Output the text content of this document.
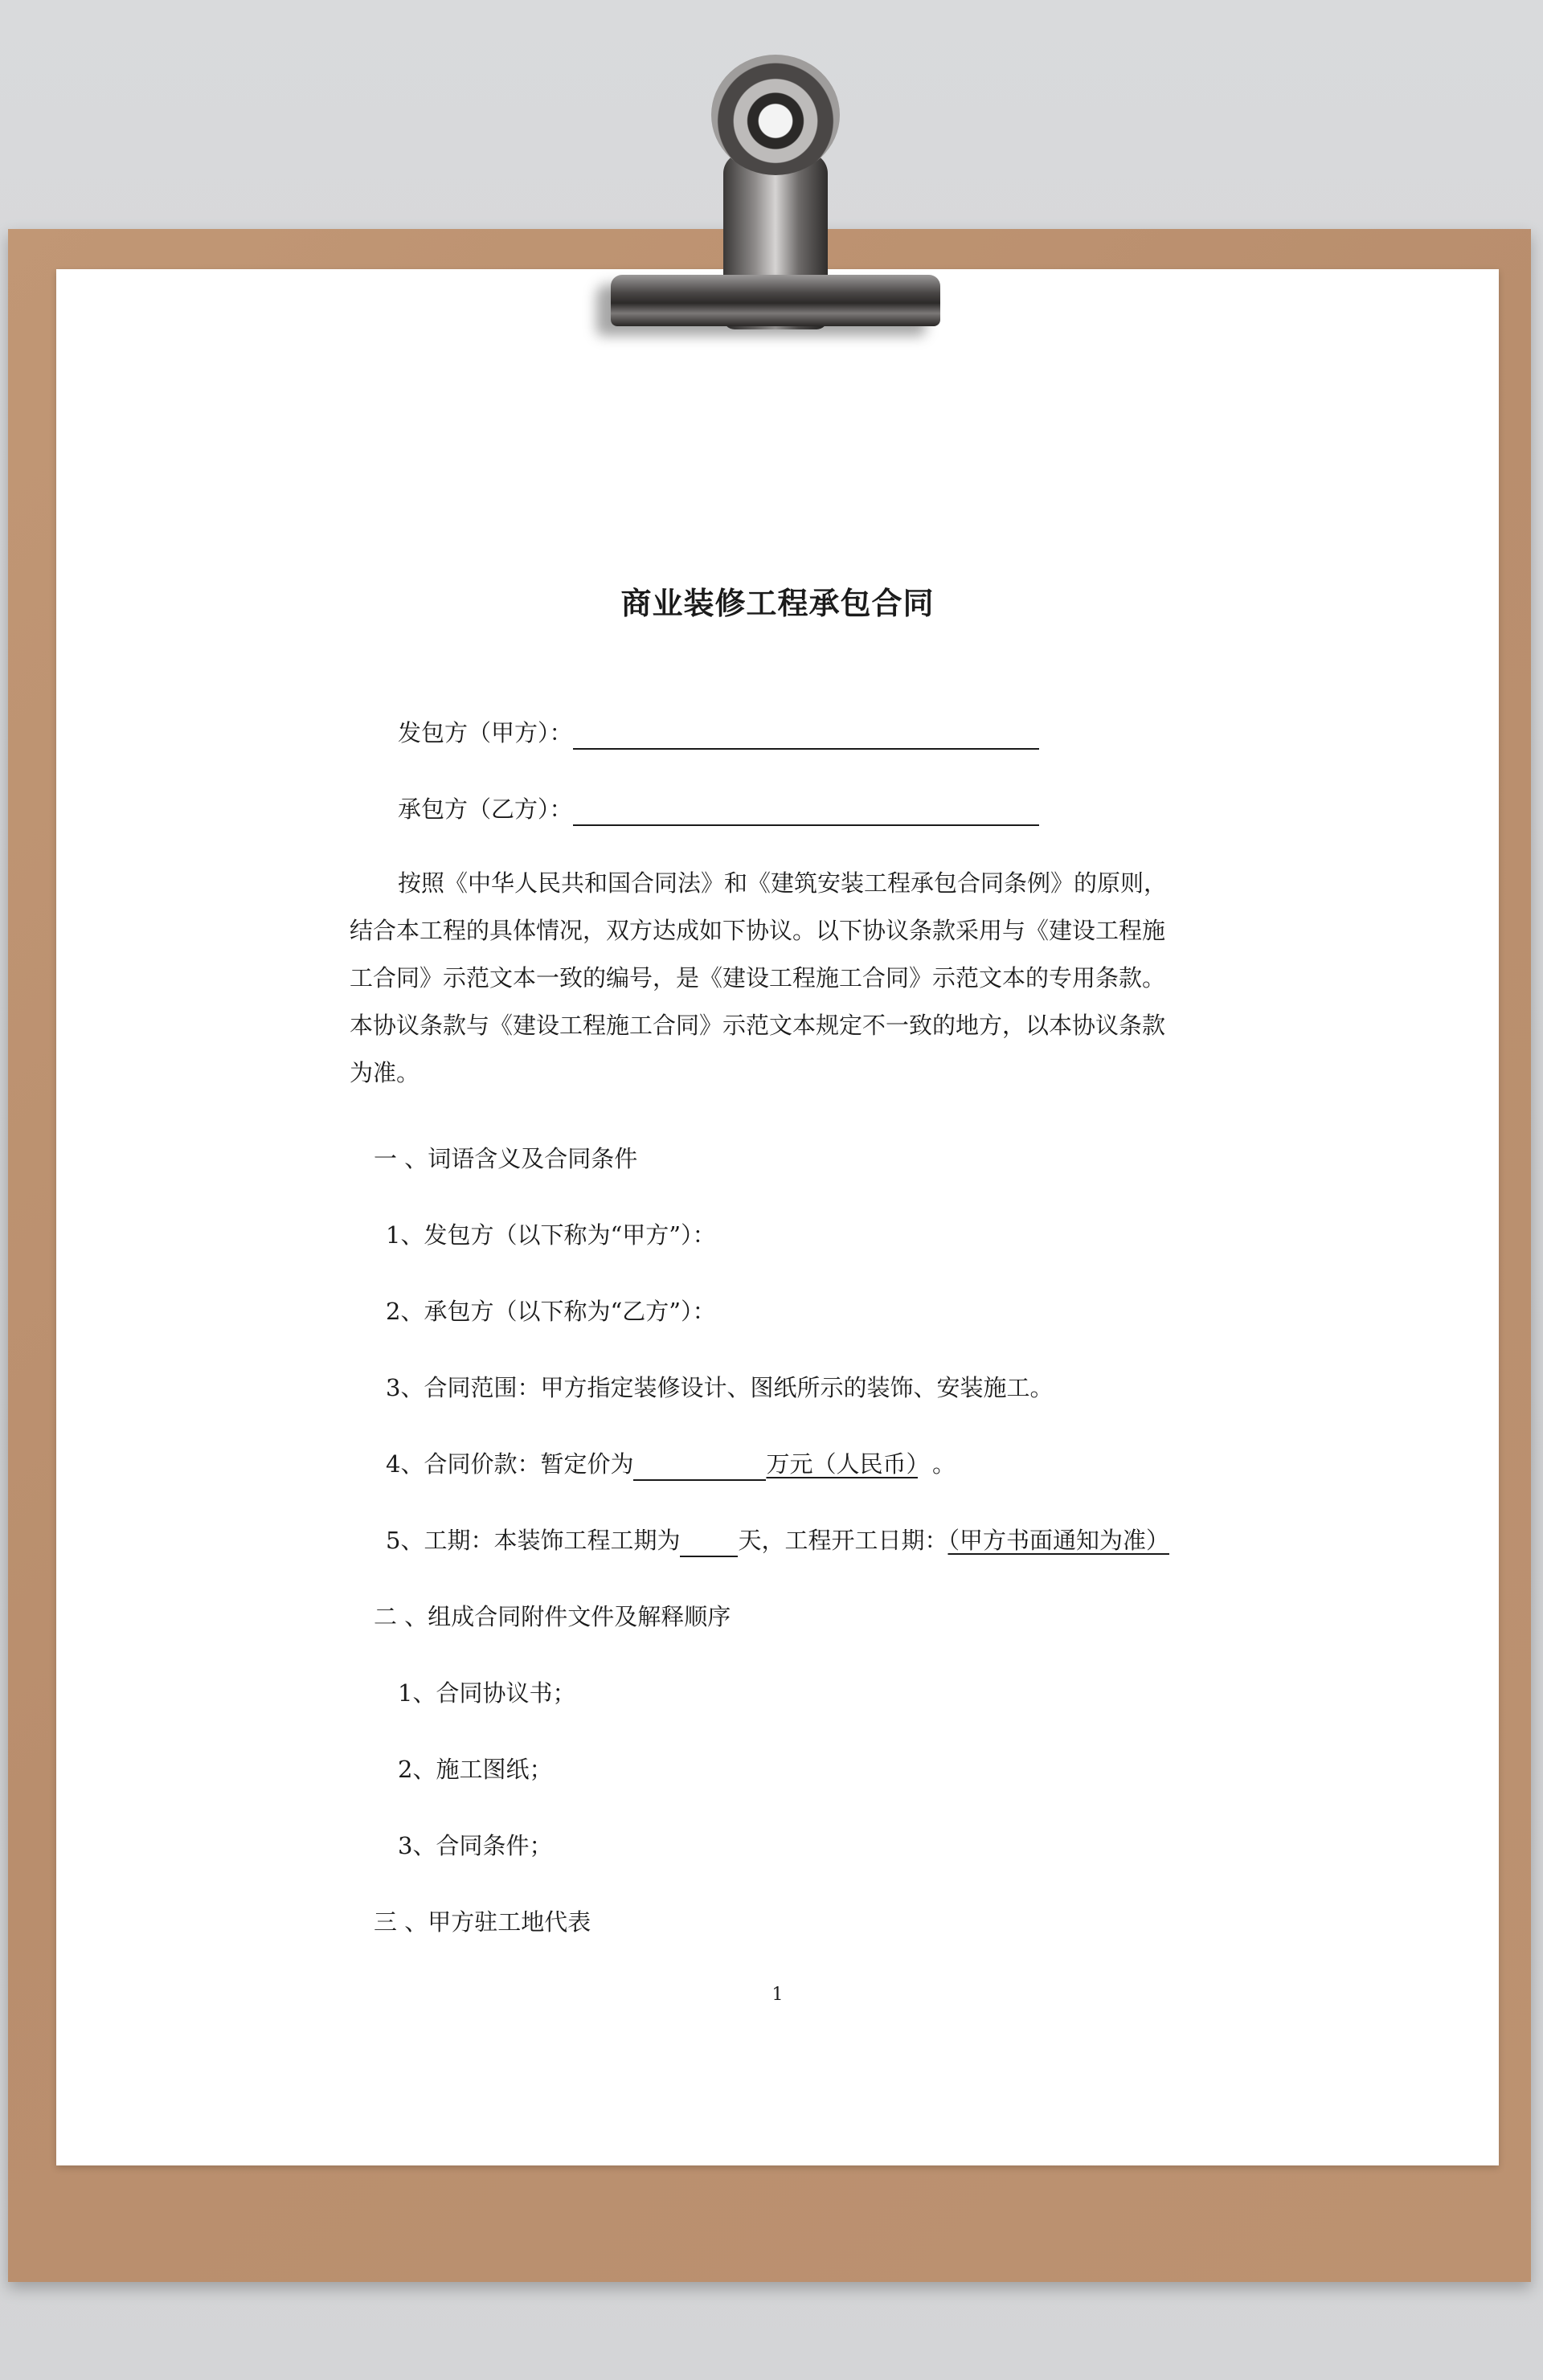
商业装修工程承包合同
发包方（甲方）：
承包方（乙方）：
按照《中华人民共和国合同法》和《建筑安装工程承包合同条例》的原则，
结合本工程的具体情况，双方达成如下协议。以下协议条款采用与《建设工程施
工合同》示范文本一致的编号，是《建设工程施工合同》示范文本的专用条款。
本协议条款与《建设工程施工合同》示范文本规定不一致的地方，以本协议条款
为准。
一 、词语含义及合同条件
1、发包方（以下称为“甲方”）：
2、承包方（以下称为“乙方”）：
3、合同范围：甲方指定装修设计、图纸所示的装饰、安装施工。
4、合同价款：暂定价为	万元（人民币） 。
5、工期：本装饰工程工期为 天，工程开工日期：（甲方书面通知为准）
二 、组成合同附件文件及解释顺序
1、合同协议书；
2、施工图纸；
3、合同条件；
三 、甲方驻工地代表
1
